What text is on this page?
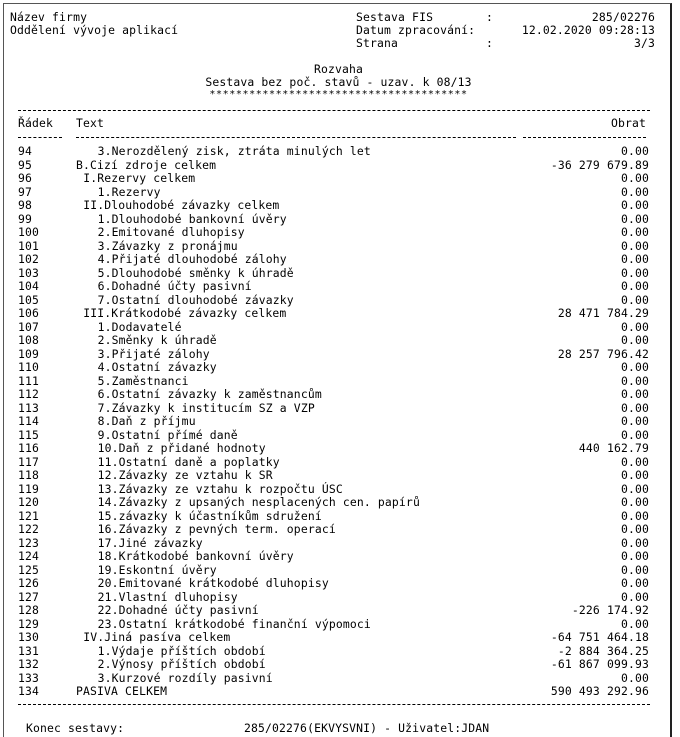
Název firmy
Oddělení vývoje aplikací
Sestava FIS	:	285/02276
Datum zpracování:	12.02.2020 09:28:13
Strana	:	3/3
Rozvaha
Sestava bez poč. stavů - uzav. k 08/13
***************************************
Řádek Text	Obrat
94	3.Nerozdělený zisk, ztráta minulých let	0.00
95	B.Cizí zdroje celkem	-36 279 679.89
96	I.Rezervy celkem	0.00
97	1.Rezervy	0.00
98	II.Dlouhodobé závazky celkem	0.00
99	1.Dlouhodobé bankovní úvěry	0.00
100	2.Emitované dluhopisy	0.00
101	3.Závazky z pronájmu	0.00
102	4.Přijaté dlouhodobé zálohy	0.00
103	5.Dlouhodobé směnky k úhradě	0.00
104	6.Dohadné účty pasivní	0.00
105	7.Ostatní dlouhodobé závazky	0.00
106	III.Krátkodobé závazky celkem	28 471 784.29
107	1.Dodavatelé	0.00
108	2.Směnky k úhradě	0.00
109	3.Přijaté zálohy	28 257 796.42
110	4.Ostatní závazky	0.00
111	5.Zaměstnanci	0.00
112	6.Ostatní závazky k zaměstnancům	0.00
113	7.Závazky k institucím SZ a VZP	0.00
114	8.Daň z příjmu	0.00
115	9.Ostatní přímé daně	0.00
116	10.Daň z přidané hodnoty	440 162.79
117	11.Ostatní daně a poplatky	0.00
118	12.Závazky ze vztahu k SR	0.00
119	13.Závazky ze vztahu k rozpočtu ÚSC	0.00
120	14.Závazky z upsaných nesplacených cen. papírů	0.00
121	15.závazky k účastníkům sdružení	0.00
122	16.Závazky z pevných term. operací	0.00
123	17.Jiné závazky	0.00
124	18.Krátkodobé bankovní úvěry	0.00
125	19.Eskontní úvěry	0.00
126	20.Emitované krátkodobé dluhopisy	0.00
127	21.Vlastní dluhopisy	0.00
128	22.Dohadné účty pasivní	-226 174.92
129	23.Ostatní krátkodobé finanční výpomoci	0.00
130	IV.Jiná pasíva celkem	-64 751 464.18
131	1.Výdaje příštích období	-2 884 364.25
132	2.Výnosy příštích období	-61 867 099.93
133	3.Kurzové rozdíly pasivní	0.00
134	PASIVA CELKEM	590 493 292.96
Konec sestavy:	285/02276(EKVYSVNI) - Uživatel:JDAN
